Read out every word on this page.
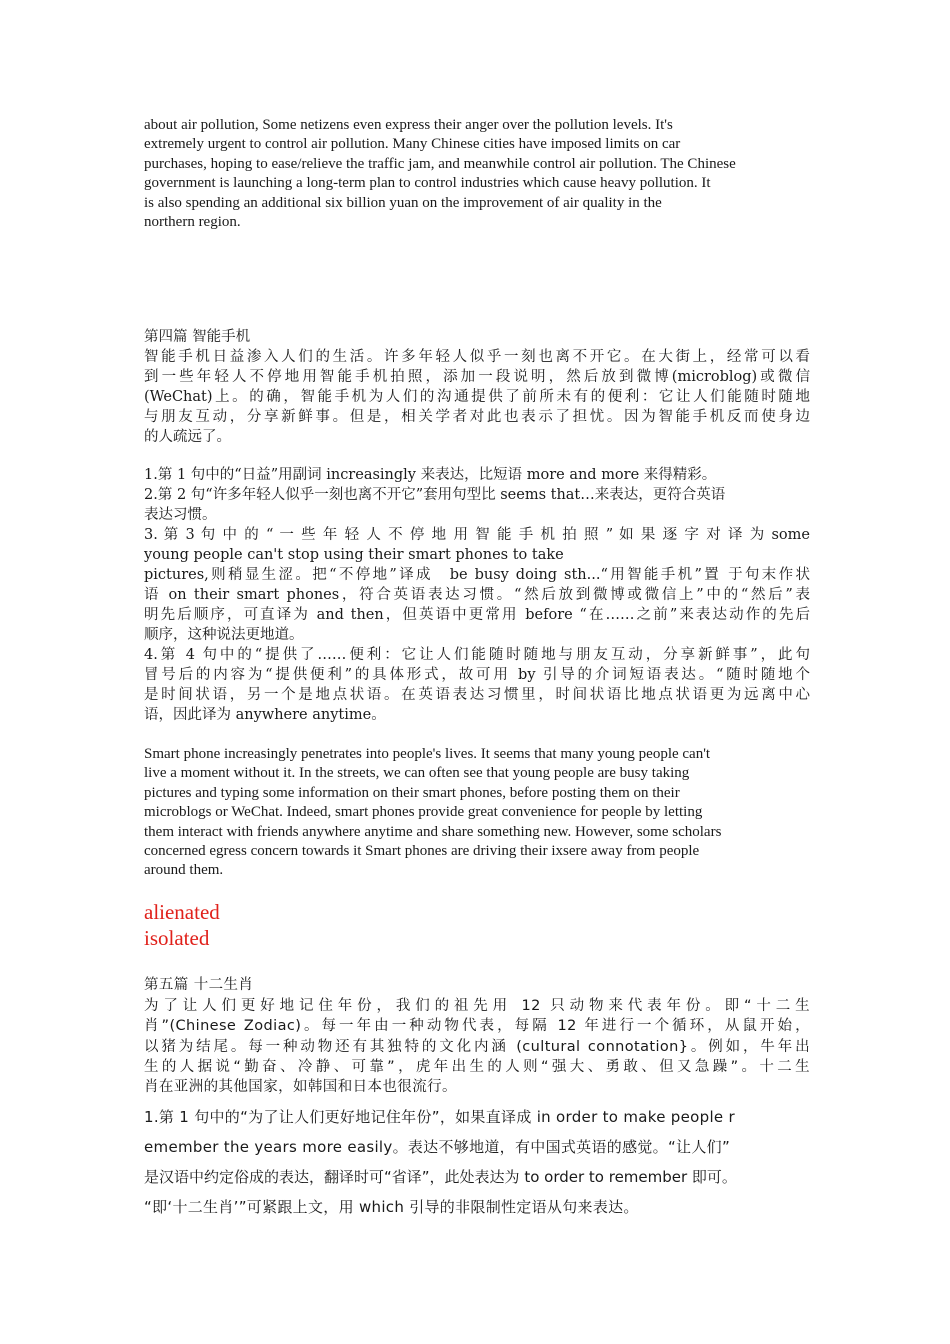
about air pollution, Some netizens even express their anger over the pollution levels. It's
extremely urgent to control air pollution. Many Chinese cities have imposed limits on car
purchases, hoping to ease/relieve the traffic jam, and meanwhile control air pollution. The Chinese
government is launching a long-term plan to control industries which cause heavy pollution. It
is also spending an additional six billion yuan on the improvement of air quality in the
northern region.
第四篇 智能手机
智能手机日益渗入人们的生活。许多年轻人似乎一刻也离不开它。在大街上，经常可以看
到一些年轻人不停地用智能手机拍照，添加一段说明，然后放到微博(microblog)或微信
(WeChat)上。的确，智能手机为人们的沟通提供了前所未有的便利：它让人们能随时随地
与朋友互动，分享新鲜事。但是，相关学者对此也表示了担忧。因为智能手机反而使身边
的人疏远了。
1.第 1 句中的“日益”用副词 increasingly 来表达，比短语 more and more 来得精彩。
2.第 2 句“许多年轻人似乎一刻也离不开它”套用句型比 seems that…来表达，更符合英语
表达习惯。
3. 第 3 句 中 的 “ 一 些 年 轻 人 不 停 地 用 智 能 手 机 拍 照 ” 如 果 逐 字 对 译 为 some
young people can't stop using their smart phones to take
pictures,则稍显生涩。把“不停地”译成　be busy doing sth...“用智能手机”置 于句末作状
语 on their smart phones，符合英语表达习惯。“然后放到微博或微信上”中的“然后”表
明先后顺序，可直译为 and then，但英语中更常用 before “在……之前”来表达动作的先后
顺序，这种说法更地道。
4.第 4 句中的“提供了……便利：它让人们能随时随地与朋友互动，分享新鲜事”，此句
冒号后的内容为“提供便利”的具体形式，故可用 by 引导的介词短语表达。“随时随地个
是时间状语，另一个是地点状语。在英语表达习惯里，时间状语比地点状语更为远离中心
语，因此译为 anywhere anytime。
Smart phone increasingly penetrates into people's lives. It seems that many young people can't
live a moment without it. In the streets, we can often see that young people are busy taking
pictures and typing some information on their smart phones, before posting them on their
microblogs or WeChat. Indeed, smart phones provide great convenience for people by letting
them interact with friends anywhere anytime and share something new. However, some scholars
concerned egress concern towards it Smart phones are driving their ixsere away from people
around them.
alienated
isolated
第五篇 十二生肖
为了让人们更好地记住年份，我们的祖先用 12 只动物来代表年份。即“十二生
肖”(Chinese Zodiac)。每一年由一种动物代表，每隔 12 年进行一个循环，从鼠开始，
以猪为结尾。每一种动物还有其独特的文化内涵 (cultural connotation}。例如，牛年出
生的人据说“勤奋、冷静、可靠”，虎年出生的人则“强大、勇敢、但又急躁”。十二生
肖在亚洲的其他国家，如韩国和日本也很流行。
1.第 1 句中的“为了让人们更好地记住年份”，如果直译成 in order to make people r
emember the years more easily。表达不够地道，有中国式英语的感觉。“让人们”
是汉语中约定俗成的表达，翻译时可“省译”，此处表达为 to order to remember 即可。
“即‘十二生肖’”可紧跟上文，用 which 引导的非限制性定语从句来表达。
